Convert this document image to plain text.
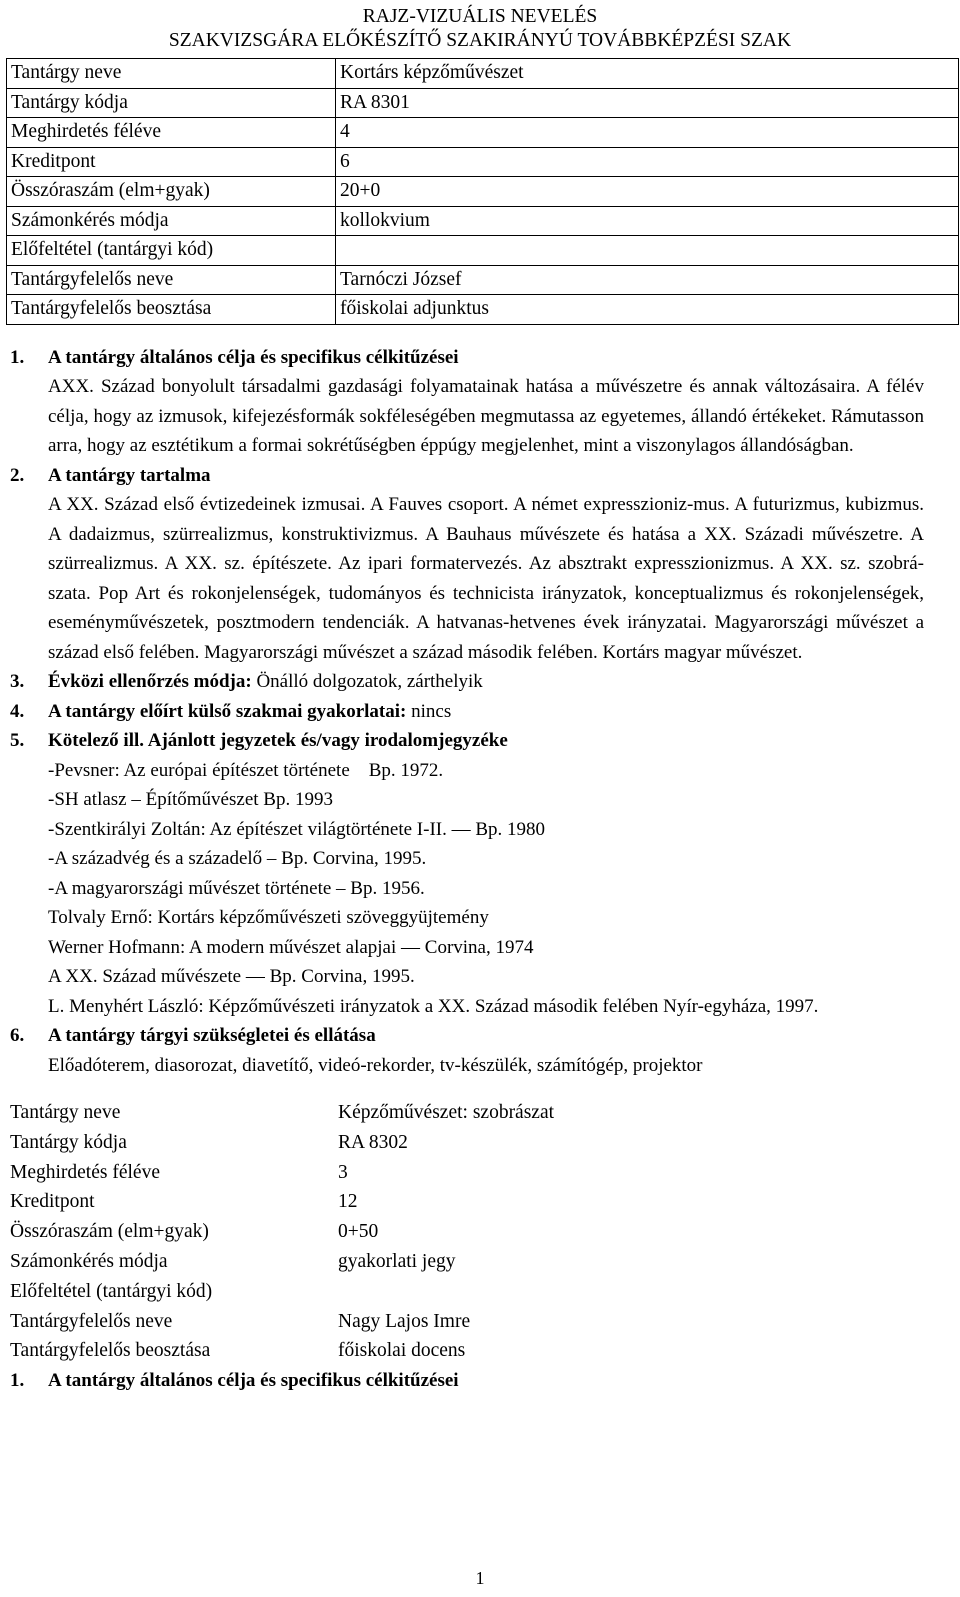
RAJZ-VIZUÁLIS NEVELÉS
SZAKVIZSGÁRA ELŐKÉSZÍTŐ SZAKIRÁNYÚ TOVÁBBKÉPZÉSI SZAK
Tantárgy neve	Kortárs képzőművészet
Tantárgy kódja	RA 8301
Meghirdetés féléve	4
Kreditpont	6
Összóraszám (elm+gyak)	20+0
Számonkérés módja	kollokvium
Előfeltétel (tantárgyi kód)	
Tantárgyfelelős neve	Tarnóczi József
Tantárgyfelelős beosztása	főiskolai adjunktus
1.	A tantárgy általános célja és specifikus célkitűzései

AXX. Század bonyolult társadalmi gazdasági folyamatainak hatása a művészetre és annak változásaira. A félév célja, hogy az izmusok, kifejezésformák sokféleségében megmutassa az egyetemes, állandó értékeket. Rámutasson arra, hogy az esztétikum a formai sokrétűségben éppúgy megjelenhet, mint a viszonylagos állandóságban.

2.	A tantárgy tartalma

A XX. Század első évtizedeinek izmusai. A Fauves csoport. A német expresszioniz-mus. A futurizmus, kubizmus. A dadaizmus, szürrealizmus, konstruktivizmus. A Bauhaus művészete és hatása a XX. Századi művészetre. A szürrealizmus. A XX. sz. építészete. Az ipari formatervezés. Az absztrakt expresszionizmus. A XX. sz. szobrá-szata. Pop Art és rokonjelenségek, tudományos és technicista irányzatok, konceptualizmus és rokonjelenségek, eseményművészetek, posztmodern tendenciák. A hatvanas-hetvenes évek irányzatai. Magyarországi művészet a század első felében. Magyarországi művészet a század második felében. Kortárs magyar művészet.

3.	Évközi ellenőrzés módja: Önálló dolgozatok, zárthelyik
4.	A tantárgy előírt külső szakmai gyakorlatai: nincs
5.	Kötelező ill. Ajánlott jegyzetek és/vagy irodalomjegyzéke

-Pevsner: Az európai építészet története    Bp. 1972.

-SH atlasz – Építőművészet Bp. 1993

-Szentkirályi Zoltán: Az építészet világtörténete I-II. — Bp. 1980

-A századvég és a századelő – Bp. Corvina, 1995.

-A magyarországi művészet története – Bp. 1956.

Tolvaly Ernő: Kortárs képzőművészeti szöveggyüjtemény

Werner Hofmann: A modern művészet alapjai — Corvina, 1974

A XX. Század művészete — Bp. Corvina, 1995.

L. Menyhért László: Képzőművészeti irányzatok a XX. Század második felében Nyír-egyháza, 1997.

6.	A tantárgy tárgyi szükségletei és ellátása

Előadóterem, diasorozat, diavetítő, videó-rekorder, tv-készülék, számítógép, projektor

Tantárgy neve	Képzőművészet: szobrászat
Tantárgy kódja	RA 8302
Meghirdetés féléve	3
Kreditpont	12
Összóraszám (elm+gyak)	0+50
Számonkérés módja	gyakorlati jegy
Előfeltétel (tantárgyi kód)	
Tantárgyfelelős neve	Nagy Lajos Imre
Tantárgyfelelős beosztása	főiskolai docens
1.	A tantárgy általános célja és specifikus célkitűzései
1
